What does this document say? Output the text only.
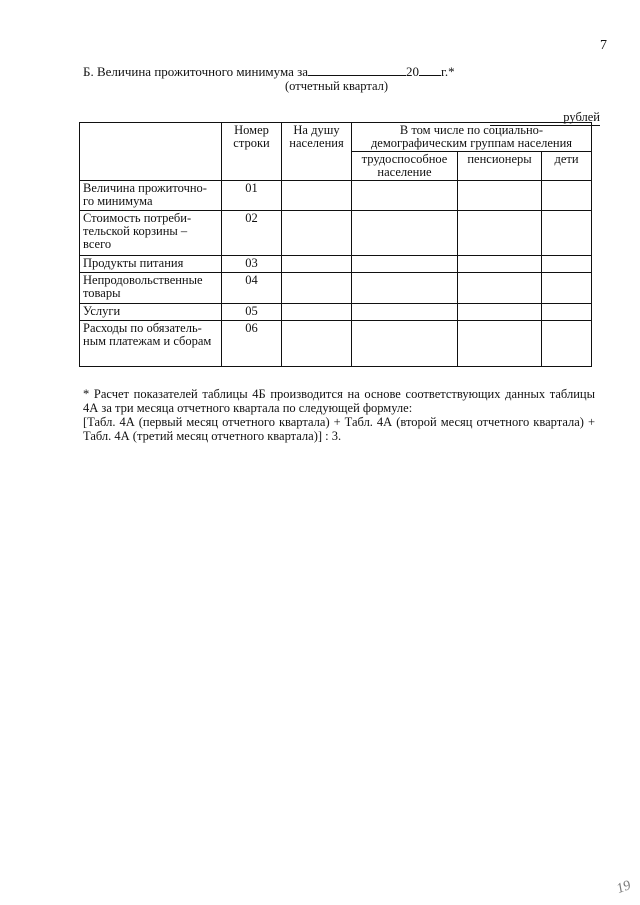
7
Б. Величина прожиточного минимума за	20 г.*
(отчетный квартал)
рублей
	Номер строки	На душу населения	В том числе по социально-демографическим группам населения		
			трудоспособное население	пенсионеры	дети
Величина прожиточно-го минимума	01				
Стоимость потреби-тельской корзины – всего	02				
Продукты питания	03				
Непродовольственные товары	04				
Услуги	05				
Расходы по обязатель-ным платежам и сборам	06				

* Расчет показателей таблицы 4Б производится на основе соответствующих данных таблицы 4А за три месяца отчетного квартала по следующей формуле:

[Табл. 4А (первый месяц отчетного квартала) + Табл. 4А (второй месяц отчетного квартала) + Табл. 4А (третий месяц отчетного квартала)] : 3.

19
